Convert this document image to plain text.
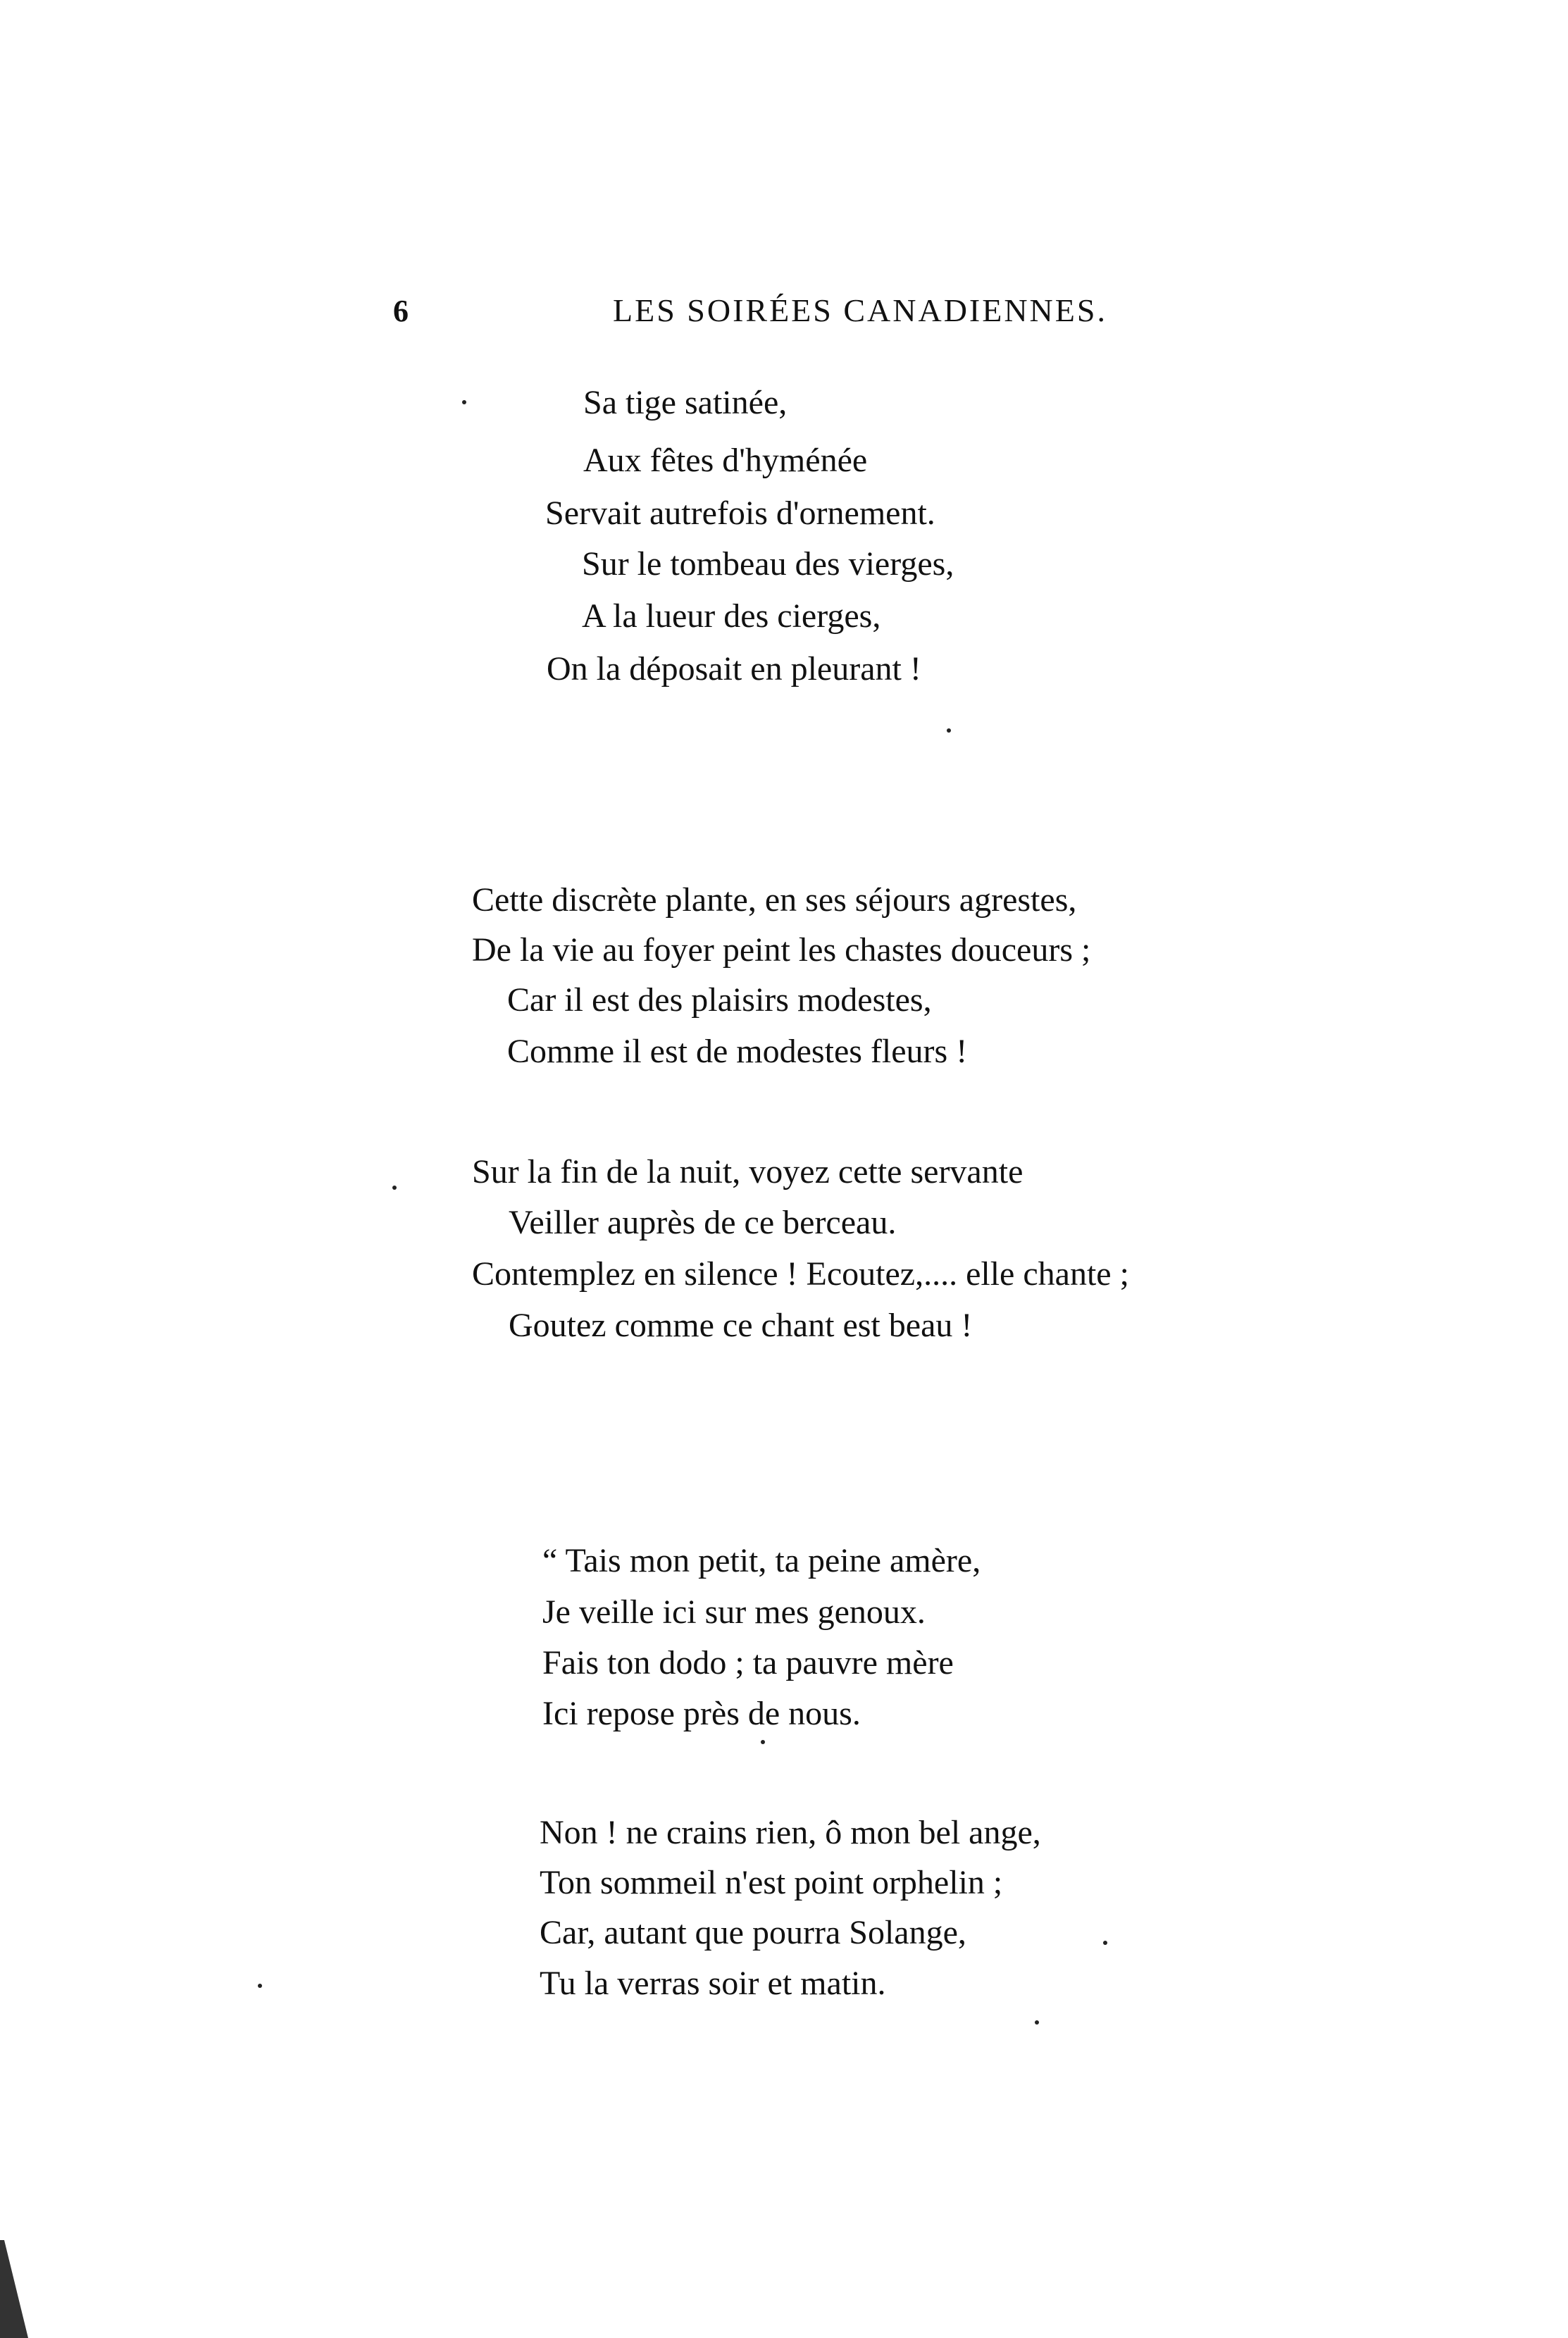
6	LES SOIRÉES CANADIENNES.
Sa tige satinée,
Aux fêtes d'hyménée
Servait autrefois d'ornement.
Sur le tombeau des vierges,
A la lueur des cierges,
On la déposait en pleurant !
Cette discrète plante, en ses séjours agrestes,
De la vie au foyer peint les chastes douceurs ;
Car il est des plaisirs modestes,
Comme il est de modestes fleurs !
Sur la fin de la nuit, voyez cette servante
Veiller auprès de ce berceau.
Contemplez en silence ! Ecoutez,.... elle chante ;
Goutez comme ce chant est beau !
“ Tais mon petit, ta peine amère,
Je veille ici sur mes genoux.
Fais ton dodo ; ta pauvre mère
Ici repose près de nous.
Non ! ne crains rien, ô mon bel ange,
Ton sommeil n'est point orphelin ;
Car, autant que pourra Solange,
Tu la verras soir et matin.
